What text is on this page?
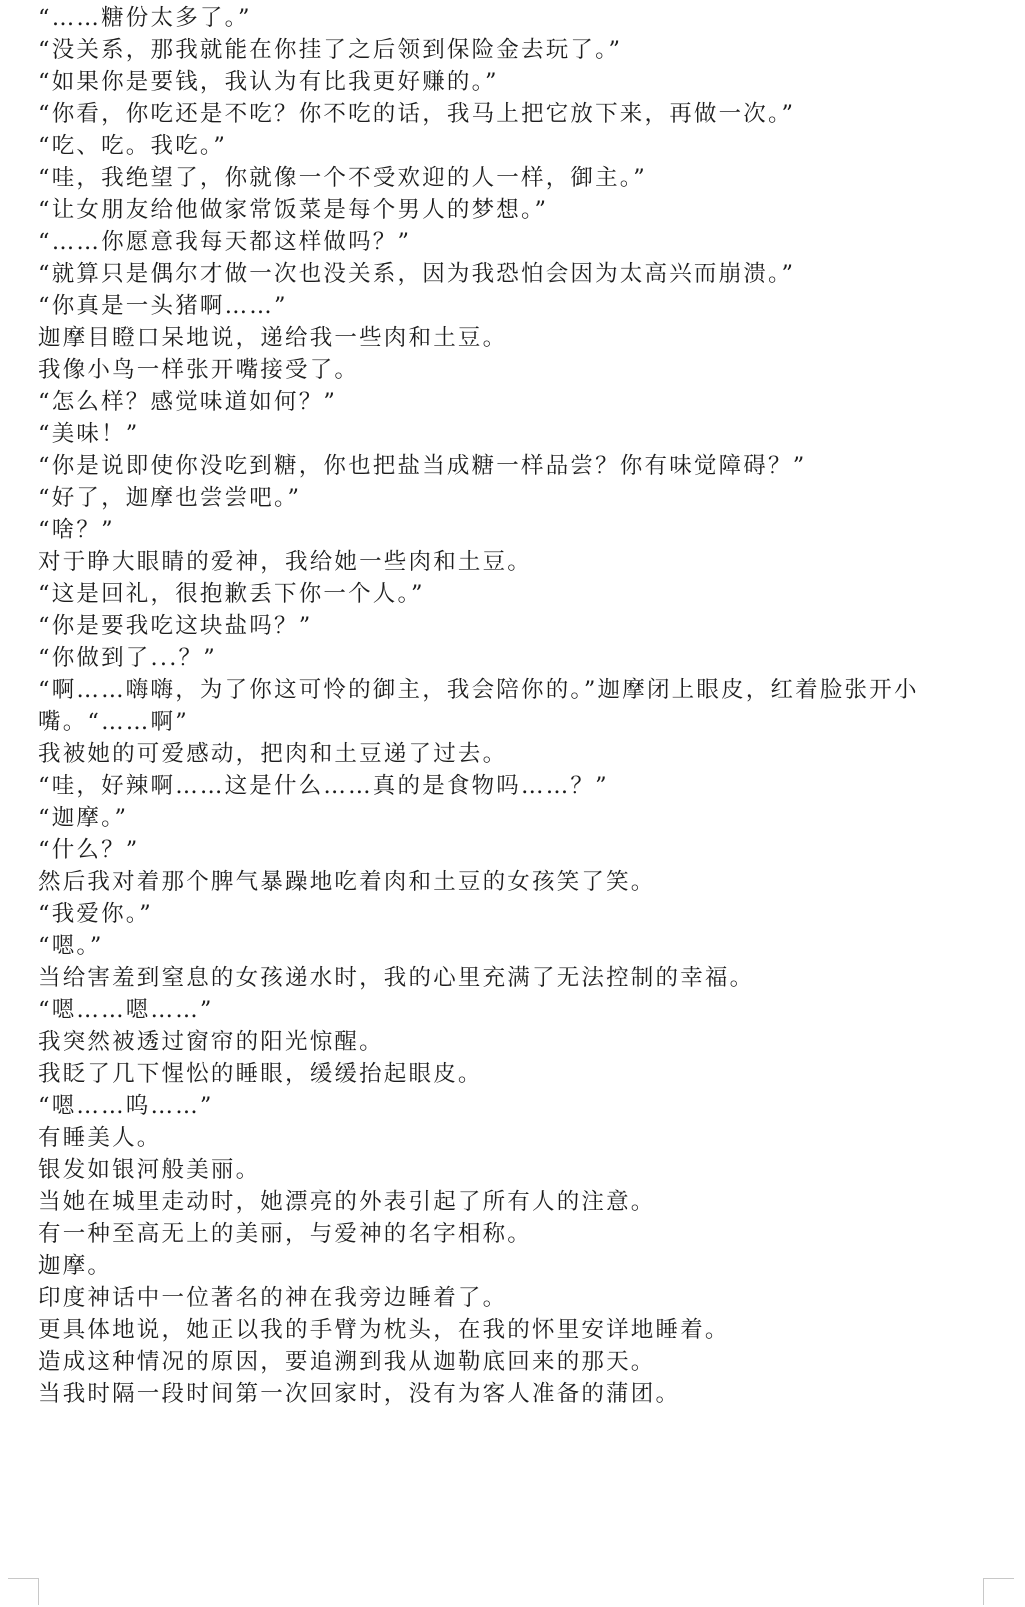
“……糖份太多了。”

“没关系，那我就能在你挂了之后领到保险金去玩了。”

“如果你是要钱，我认为有比我更好赚的。”

“你看，你吃还是不吃？你不吃的话，我马上把它放下来，再做一次。”

“吃、吃。我吃。”

“哇，我绝望了，你就像一个不受欢迎的人一样，御主。”

“让女朋友给他做家常饭菜是每个男人的梦想。”

“……你愿意我每天都这样做吗？”

“就算只是偶尔才做一次也没关系，因为我恐怕会因为太高兴而崩溃。”

“你真是一头猪啊……”

迦摩目瞪口呆地说，递给我一些肉和土豆。

我像小鸟一样张开嘴接受了。

“怎么样？感觉味道如何？”

“美味！”

“你是说即使你没吃到糖，你也把盐当成糖一样品尝？你有味觉障碍？”

“好了，迦摩也尝尝吧。”

“啥？”

对于睁大眼睛的爱神，我给她一些肉和土豆。

“这是回礼，很抱歉丢下你一个人。”

“你是要我吃这块盐吗？”

“你做到了...？”

“啊……嗨嗨，为了你这可怜的御主，我会陪你的。”迦摩闭上眼皮，红着脸张开小嘴。“……啊”

我被她的可爱感动，把肉和土豆递了过去。

“哇，好辣啊……这是什么……真的是食物吗……？”

“迦摩。”

“什么？”

然后我对着那个脾气暴躁地吃着肉和土豆的女孩笑了笑。

“我爱你。”

“嗯。”

当给害羞到窒息的女孩递水时，我的心里充满了无法控制的幸福。

“嗯……嗯……”

我突然被透过窗帘的阳光惊醒。

我眨了几下惺忪的睡眼，缓缓抬起眼皮。

“嗯……呜……”

有睡美人。

银发如银河般美丽。

当她在城里走动时，她漂亮的外表引起了所有人的注意。

有一种至高无上的美丽，与爱神的名字相称。

迦摩。

印度神话中一位著名的神在我旁边睡着了。

更具体地说，她正以我的手臂为枕头，在我的怀里安详地睡着。

造成这种情况的原因，要追溯到我从迦勒底回来的那天。

当我时隔一段时间第一次回家时，没有为客人准备的蒲团。
